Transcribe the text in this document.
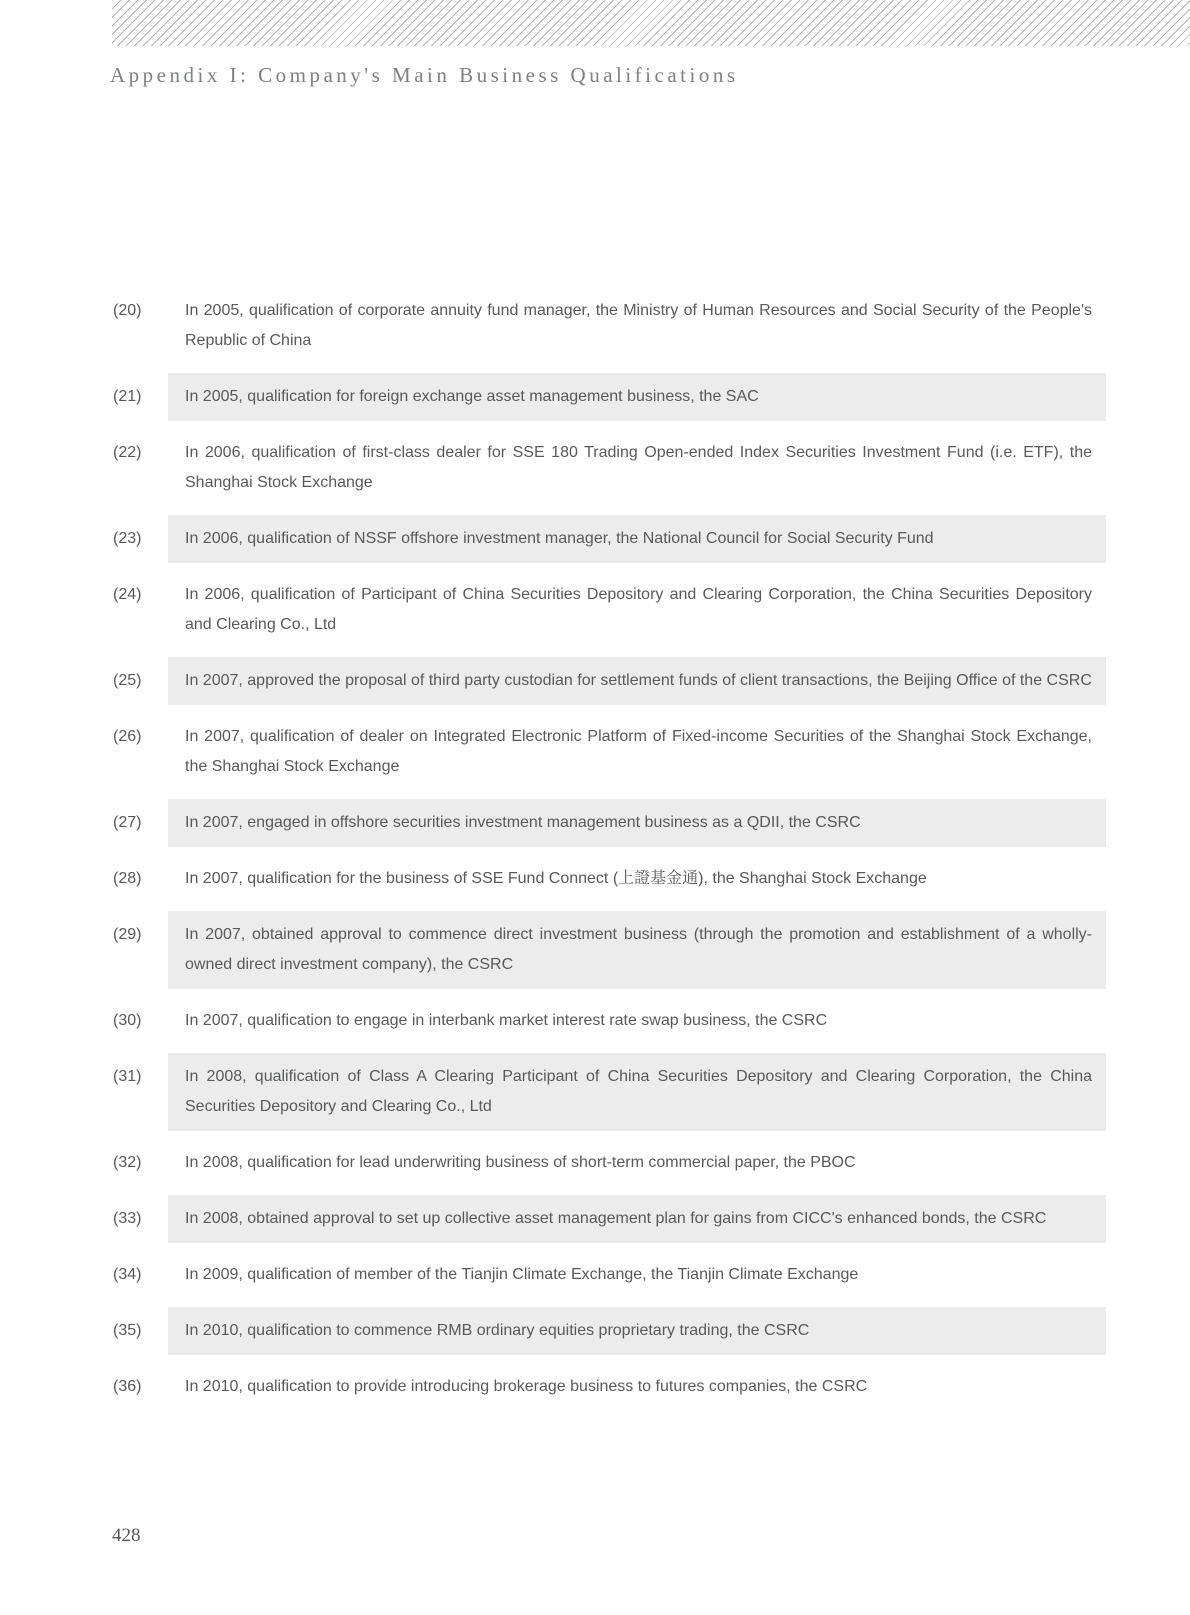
Appendix I: Company's Main Business Qualifications
(20)	In 2005, qualification of corporate annuity fund manager, the Ministry of Human Resources and Social Security of the People's Republic of China
(21)	In 2005, qualification for foreign exchange asset management business, the SAC
(22)	In 2006, qualification of first-class dealer for SSE 180 Trading Open-ended Index Securities Investment Fund (i.e. ETF), the Shanghai Stock Exchange
(23)	In 2006, qualification of NSSF offshore investment manager, the National Council for Social Security Fund
(24)	In 2006, qualification of Participant of China Securities Depository and Clearing Corporation, the China Securities Depository and Clearing Co., Ltd
(25)	In 2007, approved the proposal of third party custodian for settlement funds of client transactions, the Beijing Office of the CSRC
(26)	In 2007, qualification of dealer on Integrated Electronic Platform of Fixed-income Securities of the Shanghai Stock Exchange, the Shanghai Stock Exchange
(27)	In 2007, engaged in offshore securities investment management business as a QDII, the CSRC
(28)	In 2007, qualification for the business of SSE Fund Connect (上證基金通), the Shanghai Stock Exchange
(29)	In 2007, obtained approval to commence direct investment business (through the promotion and establishment of a wholly-owned direct investment company), the CSRC
(30)	In 2007, qualification to engage in interbank market interest rate swap business, the CSRC
(31)	In 2008, qualification of Class A Clearing Participant of China Securities Depository and Clearing Corporation, the China Securities Depository and Clearing Co., Ltd
(32)	In 2008, qualification for lead underwriting business of short-term commercial paper, the PBOC
(33)	In 2008, obtained approval to set up collective asset management plan for gains from CICC's enhanced bonds, the CSRC
(34)	In 2009, qualification of member of the Tianjin Climate Exchange, the Tianjin Climate Exchange
(35)	In 2010, qualification to commence RMB ordinary equities proprietary trading, the CSRC
(36)	In 2010, qualification to provide introducing brokerage business to futures companies, the CSRC
428
